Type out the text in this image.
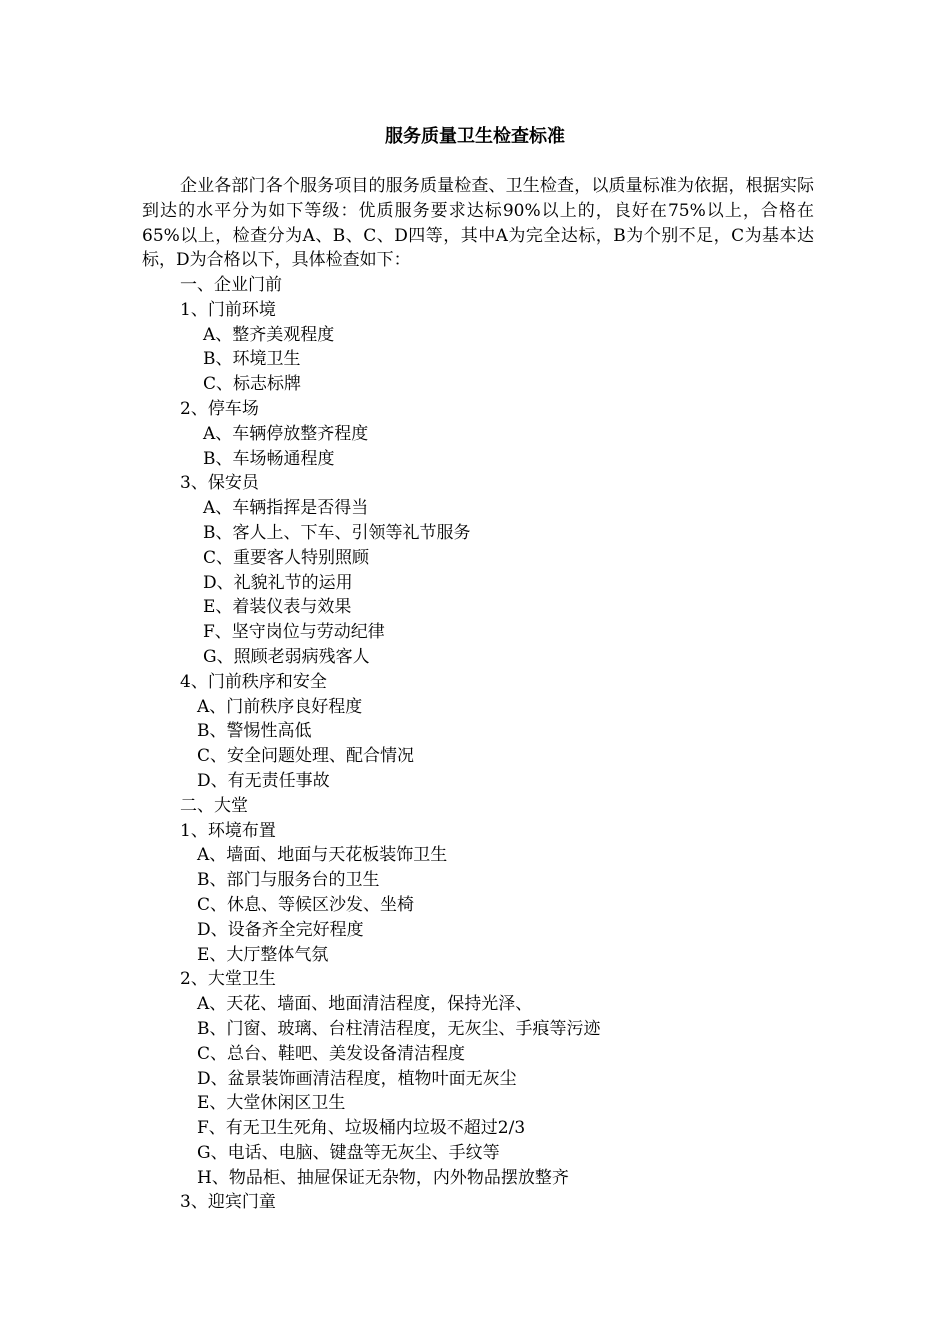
服务质量卫生检查标准

企业各部门各个服务项目的服务质量检查、卫生检查，以质量标准为依据，根据实际到达的水平分为如下等级：优质服务要求达标90%以上的，良好在75%以上，合格在65%以上，检查分为A、B、C、D四等，其中A为完全达标，B为个别不足，C为基本达标，D为合格以下，具体检查如下：

一、企业门前
1、门前环境
A、整齐美观程度
B、环境卫生
C、标志标牌
2、停车场
A、车辆停放整齐程度
B、车场畅通程度
3、保安员
A、车辆指挥是否得当
B、客人上、下车、引领等礼节服务
C、重要客人特别照顾
D、礼貌礼节的运用
E、着装仪表与效果
F、坚守岗位与劳动纪律
G、照顾老弱病残客人
4、门前秩序和安全
A、门前秩序良好程度
B、警惕性高低
C、安全问题处理、配合情况
D、有无责任事故
二、大堂
1、环境布置
A、墙面、地面与天花板装饰卫生
B、部门与服务台的卫生
C、休息、等候区沙发、坐椅
D、设备齐全完好程度
E、大厅整体气氛
2、大堂卫生
A、天花、墙面、地面清洁程度，保持光泽、
B、门窗、玻璃、台柱清洁程度，无灰尘、手痕等污迹
C、总台、鞋吧、美发设备清洁程度
D、盆景装饰画清洁程度，植物叶面无灰尘
E、大堂休闲区卫生
F、有无卫生死角、垃圾桶内垃圾不超过2/3
G、电话、电脑、键盘等无灰尘、手纹等
H、物品柜、抽屉保证无杂物，内外物品摆放整齐
3、迎宾门童
